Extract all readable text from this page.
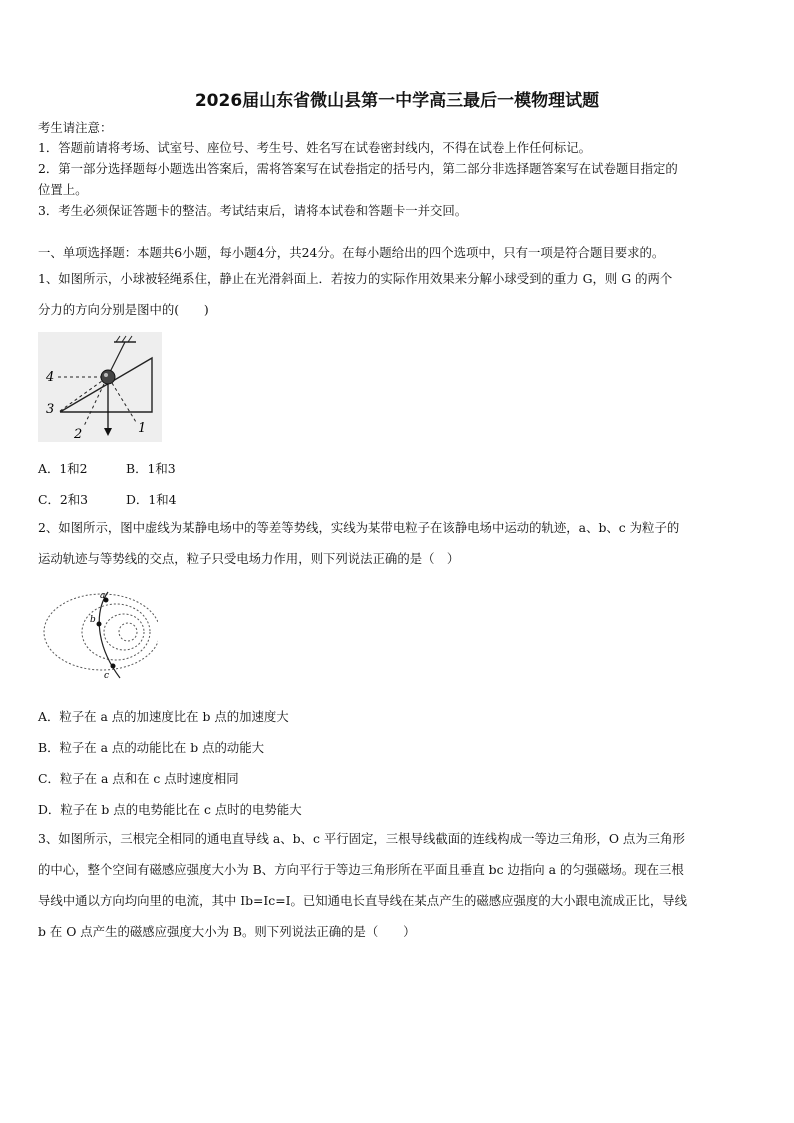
2026届山东省微山县第一中学高三最后一模物理试题
考生请注意：
1．答题前请将考场、试室号、座位号、考生号、姓名写在试卷密封线内，不得在试卷上作任何标记。
2．第一部分选择题每小题选出答案后，需将答案写在试卷指定的括号内，第二部分非选择题答案写在试卷题目指定的
位置上。
3．考生必须保证答题卡的整洁。考试结束后，请将本试卷和答题卡一并交回。
一、单项选择题：本题共6小题，每小题4分，共24分。在每小题给出的四个选项中，只有一项是符合题目要求的。
1、如图所示，小球被轻绳系住，静止在光滑斜面上．若按力的实际作用效果来分解小球受到的重力 G，则 G 的两个
分力的方向分别是图中的(　　)
4
3
2	1
A．1和2	B．1和3
C．2和3	D．1和4
2、如图所示，图中虚线为某静电场中的等差等势线，实线为某带电粒子在该静电场中运动的轨迹，a、b、c 为粒子的
运动轨迹与等势线的交点，粒子只受电场力作用，则下列说法正确的是（　）
a
b
c
A．粒子在 a 点的加速度比在 b 点的加速度大
B．粒子在 a 点的动能比在 b 点的动能大
C．粒子在 a 点和在 c 点时速度相同
D．粒子在 b 点的电势能比在 c 点时的电势能大
3、如图所示，三根完全相同的通电直导线 a、b、c 平行固定，三根导线截面的连线构成一等边三角形，O 点为三角形
的中心，整个空间有磁感应强度大小为 B、方向平行于等边三角形所在平面且垂直 bc 边指向 a 的匀强磁场。现在三根
导线中通以方向均向里的电流，其中 Ib=Ic=I。已知通电长直导线在某点产生的磁感应强度的大小跟电流成正比，导线
b 在 O 点产生的磁感应强度大小为 B。则下列说法正确的是（　　）
